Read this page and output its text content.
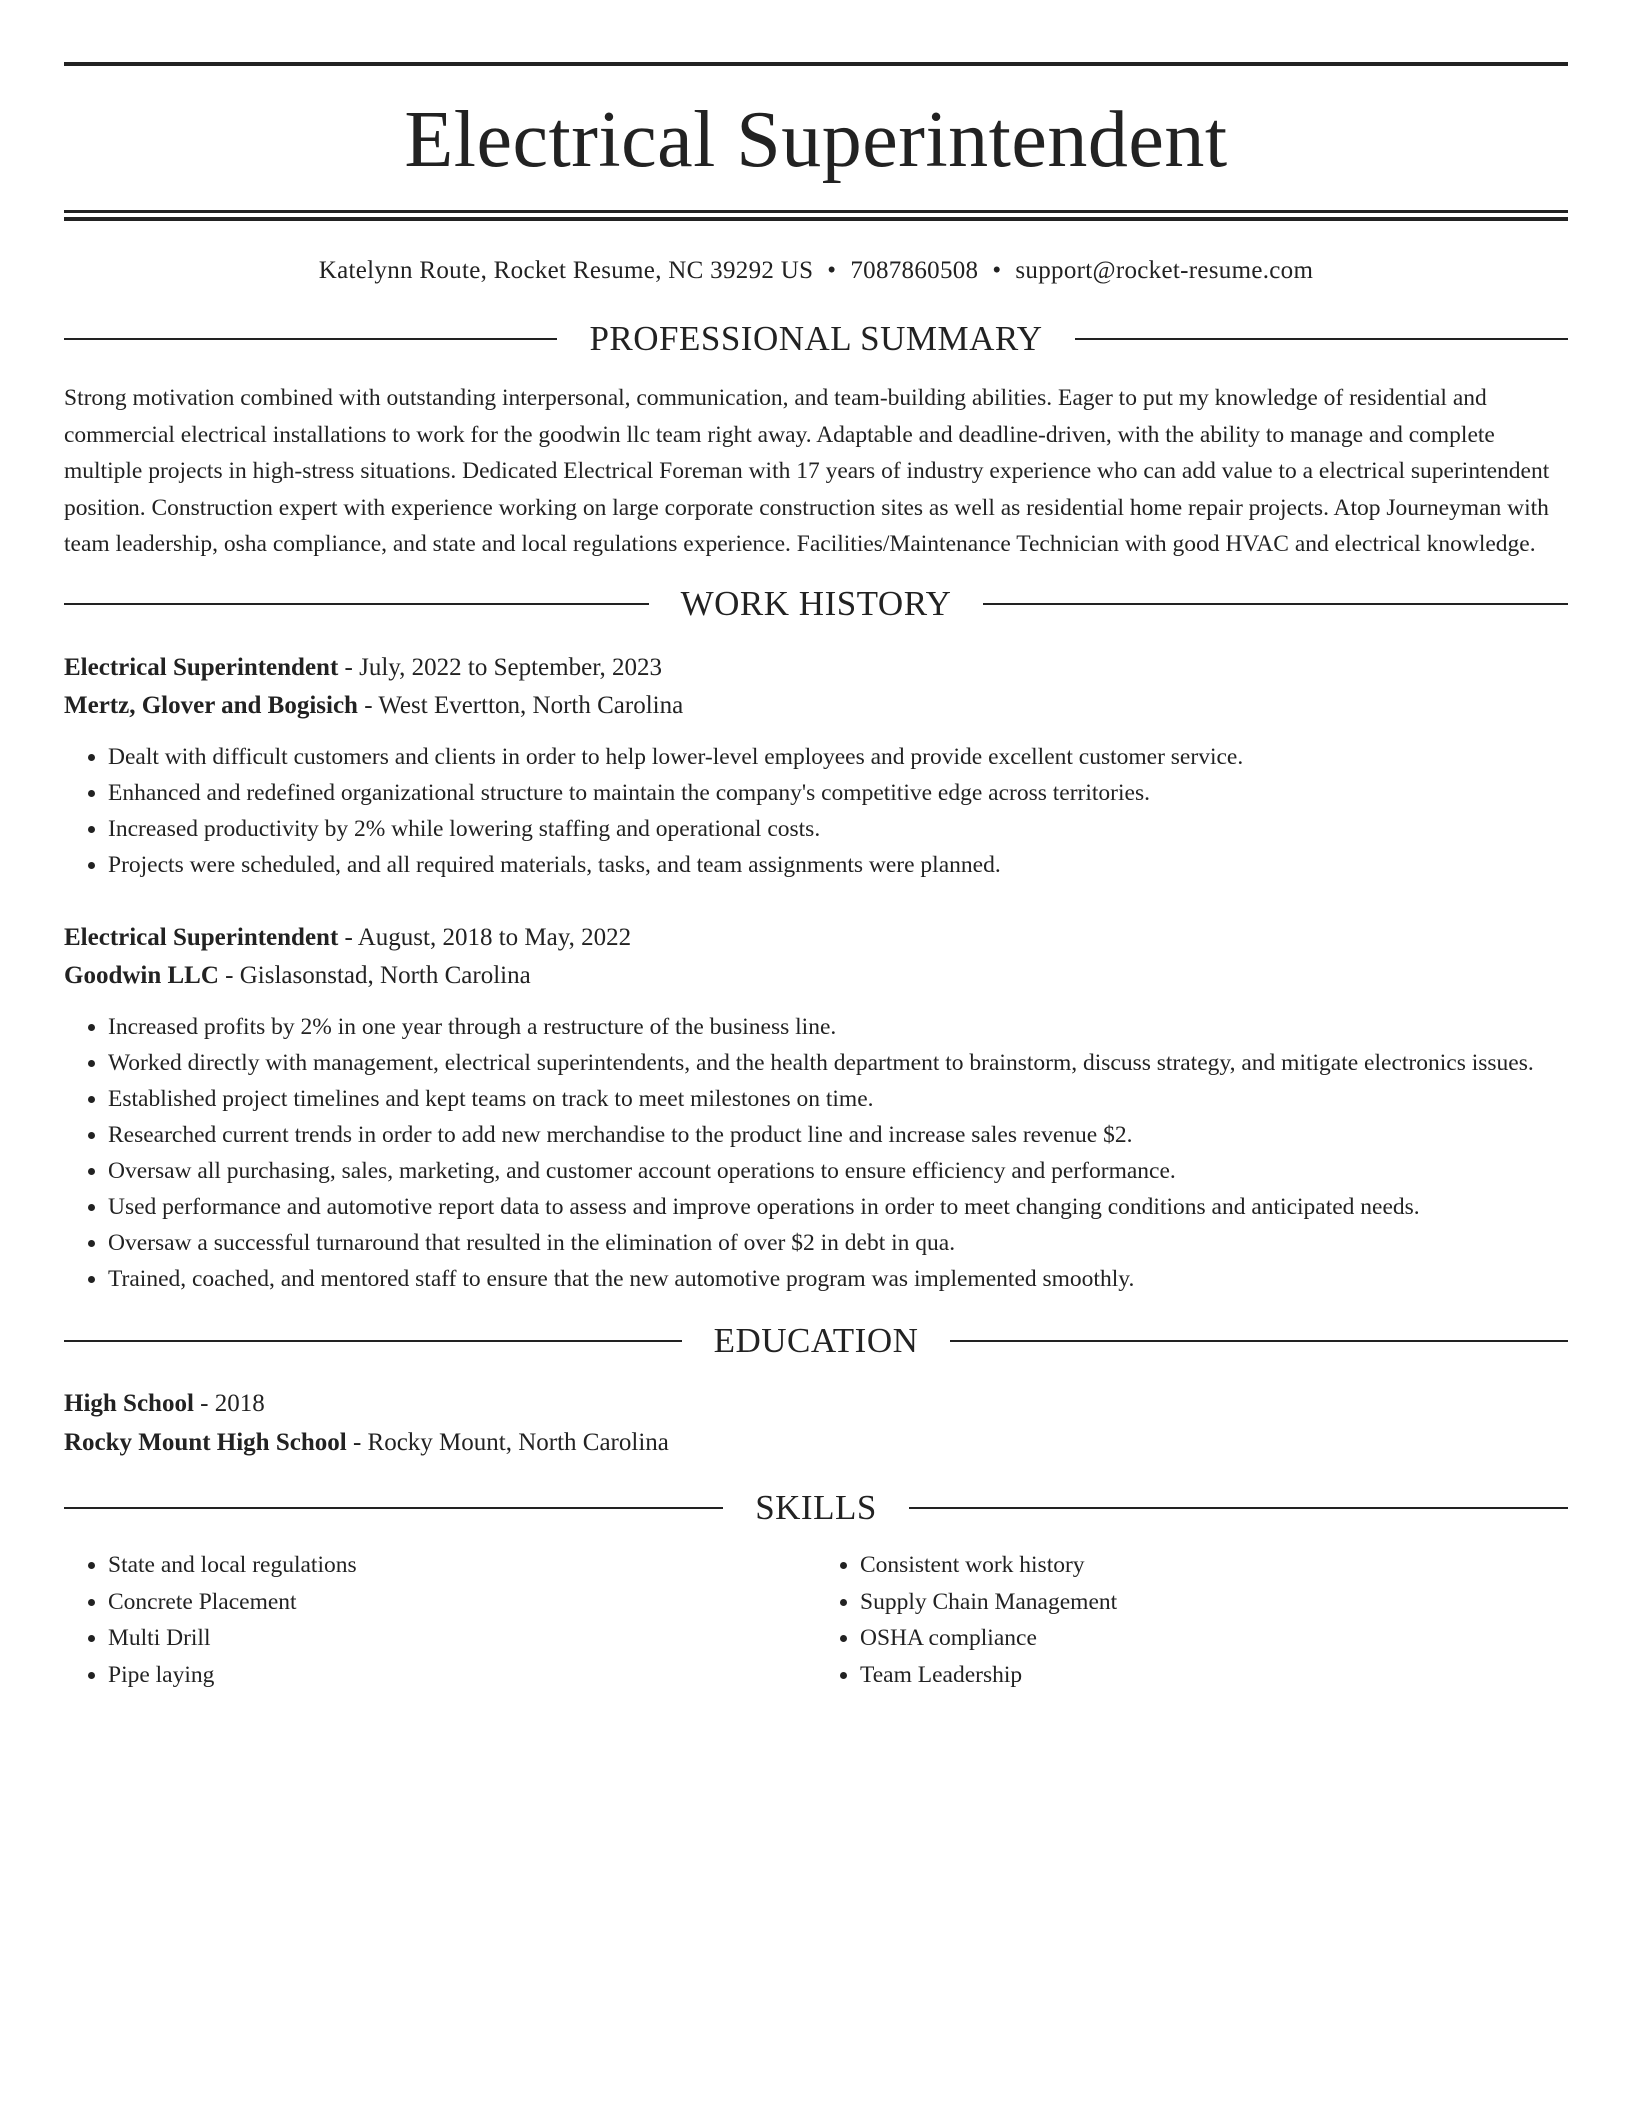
Electrical Superintendent
Katelynn Route, Rocket Resume, NC 39292 US • 7087860508 • support@rocket-resume.com
PROFESSIONAL SUMMARY

Strong motivation combined with outstanding interpersonal, communication, and team-building abilities. Eager to put my knowledge of residential and commercial electrical installations to work for the goodwin llc team right away. Adaptable and deadline-driven, with the ability to manage and complete multiple projects in high-stress situations. Dedicated Electrical Foreman with 17 years of industry experience who can add value to a electrical superintendent position. Construction expert with experience working on large corporate construction sites as well as residential home repair projects. Atop Journeyman with team leadership, osha compliance, and state and local regulations experience. Facilities/Maintenance Technician with good HVAC and electrical knowledge.

WORK HISTORY
Electrical Superintendent - July, 2022 to September, 2023
Mertz, Glover and Bogisich - West Evertton, North Carolina
• Dealt with difficult customers and clients in order to help lower-level employees and provide excellent customer service.
• Enhanced and redefined organizational structure to maintain the company's competitive edge across territories.
• Increased productivity by 2% while lowering staffing and operational costs.
• Projects were scheduled, and all required materials, tasks, and team assignments were planned.
Electrical Superintendent - August, 2018 to May, 2022
Goodwin LLC - Gislasonstad, North Carolina
• Increased profits by 2% in one year through a restructure of the business line.
• Worked directly with management, electrical superintendents, and the health department to brainstorm, discuss strategy, and mitigate electronics issues.
• Established project timelines and kept teams on track to meet milestones on time.
• Researched current trends in order to add new merchandise to the product line and increase sales revenue $2.
• Oversaw all purchasing, sales, marketing, and customer account operations to ensure efficiency and performance.
• Used performance and automotive report data to assess and improve operations in order to meet changing conditions and anticipated needs.
• Oversaw a successful turnaround that resulted in the elimination of over $2 in debt in qua.
• Trained, coached, and mentored staff to ensure that the new automotive program was implemented smoothly.
EDUCATION
High School - 2018
Rocky Mount High School - Rocky Mount, North Carolina
SKILLS
• State and local regulations
• Concrete Placement
• Multi Drill
• Pipe laying
• Consistent work history
• Supply Chain Management
• OSHA compliance
• Team Leadership
